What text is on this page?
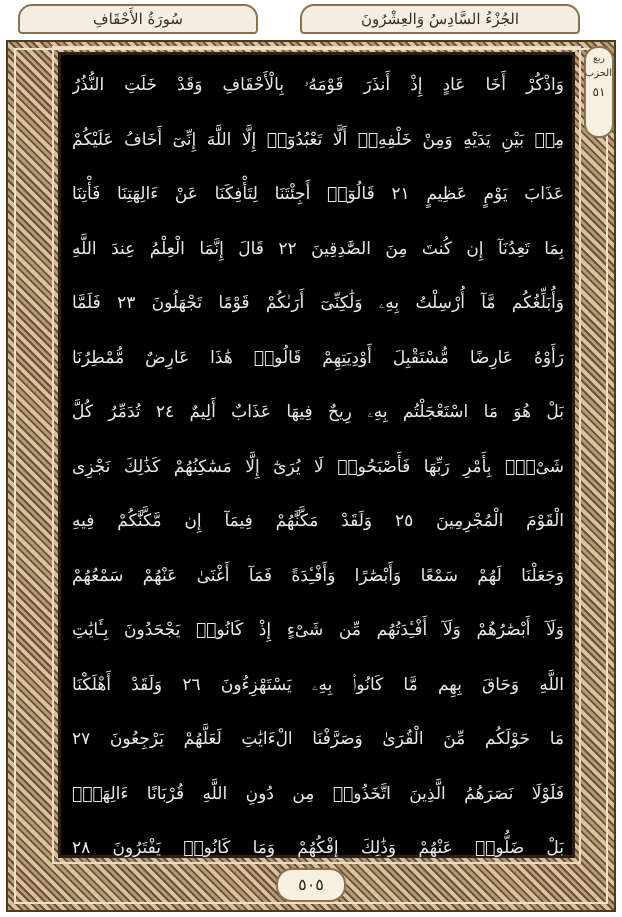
سُورَةُ الأَحْقَافِ	الجُزْءُ السَّادِسُ وَالعِشْرُونَ
وَاذْكُرْ أَخَا عَادٍ إِذْ أَنذَرَ قَوْمَهُۥ بِالْأَحْقَافِ وَقَدْ خَلَتِ النُّذُرُ
مِنۢ بَيْنِ يَدَيْهِ وَمِنْ خَلْفِهِۦٓ أَلَّا تَعْبُدُوٓا۟ إِلَّا اللَّهَ إِنِّىٓ أَخَافُ عَلَيْكُمْ
عَذَابَ يَوْمٍ عَظِيمٍ ٢١ قَالُوٓا۟ أَجِئْتَنَا لِتَأْفِكَنَا عَنْ ءَالِهَتِنَا فَأْتِنَا
بِمَا تَعِدُنَآ إِن كُنتَ مِنَ الصَّٰدِقِينَ ٢٢ قَالَ إِنَّمَا الْعِلْمُ عِندَ اللَّهِ
وَأُبَلِّغُكُم مَّآ أُرْسِلْتُ بِهِۦ وَلَٰكِنِّىٓ أَرَىٰكُمْ قَوْمًا تَجْهَلُونَ ٢٣ فَلَمَّا
رَأَوْهُ عَارِضًا مُّسْتَقْبِلَ أَوْدِيَتِهِمْ قَالُوا۟ هَٰذَا عَارِضٌ مُّمْطِرُنَا
بَلْ هُوَ مَا اسْتَعْجَلْتُم بِهِۦ رِيحٌ فِيهَا عَذَابٌ أَلِيمٌ ٢٤ تُدَمِّرُ كُلَّ
شَىْءٍۭ بِأَمْرِ رَبِّهَا فَأَصْبَحُوا۟ لَا يُرَىٰٓ إِلَّا مَسَٰكِنُهُمْ كَذَٰلِكَ نَجْزِى
الْقَوْمَ الْمُجْرِمِينَ ٢٥ وَلَقَدْ مَكَّنَّٰهُمْ فِيمَآ إِن مَّكَّنَّٰكُمْ فِيهِ
وَجَعَلْنَا لَهُمْ سَمْعًا وَأَبْصَٰرًا وَأَفْـِٔدَةً فَمَآ أَغْنَىٰ عَنْهُمْ سَمْعُهُمْ
وَلَآ أَبْصَٰرُهُمْ وَلَآ أَفْـِٔدَتُهُم مِّن شَىْءٍ إِذْ كَانُوا۟ يَجْحَدُونَ بِـَٔايَٰتِ
اللَّهِ وَحَاقَ بِهِم مَّا كَانُوا۟ بِهِۦ يَسْتَهْزِءُونَ ٢٦ وَلَقَدْ أَهْلَكْنَا
مَا حَوْلَكُم مِّنَ الْقُرَىٰ وَصَرَّفْنَا الْءَايَٰتِ لَعَلَّهُمْ يَرْجِعُونَ ٢٧
فَلَوْلَا نَصَرَهُمُ الَّذِينَ اتَّخَذُوا۟ مِن دُونِ اللَّهِ قُرْبَانًا ءَالِهَةًۢ
بَلْ ضَلُّوا۟ عَنْهُمْ وَذَٰلِكَ إِفْكُهُمْ وَمَا كَانُوا۟ يَفْتَرُونَ ٢٨
ربع
الحزب
٥١
٥٠٥
